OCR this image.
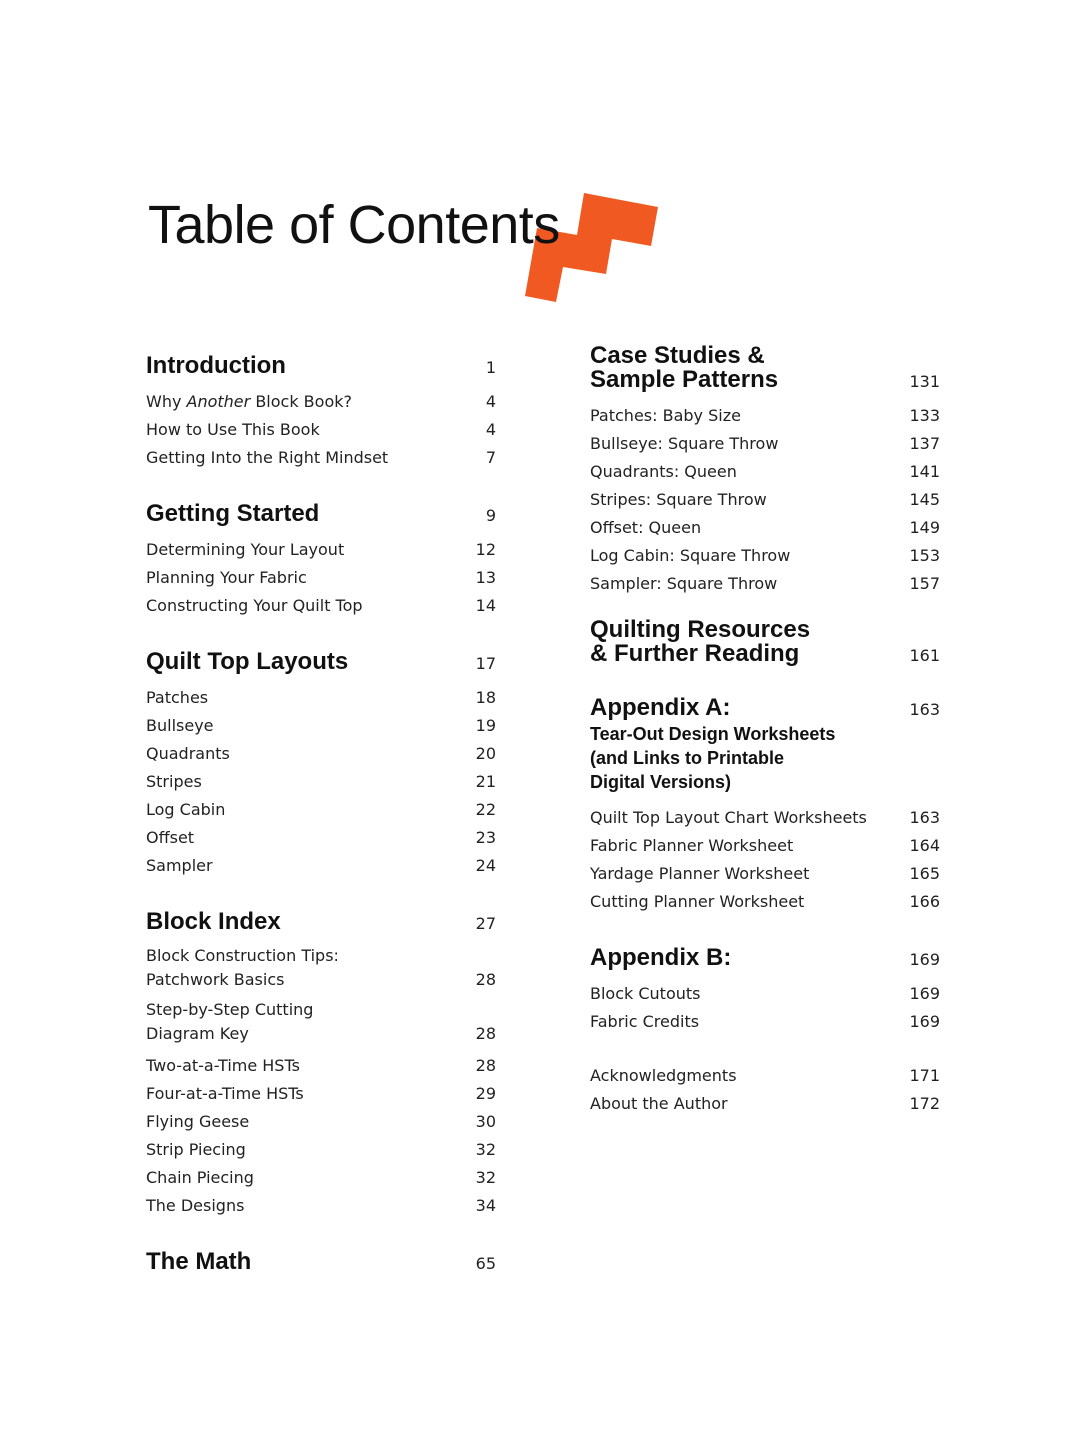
Table of Contents
Introduction	1
Why Another Block Book?	4
How to Use This Book	4
Getting Into the Right Mindset	7
Getting Started	9
Determining Your Layout	12
Planning Your Fabric	13
Constructing Your Quilt Top	14
Quilt Top Layouts	17
Patches	18
Bullseye	19
Quadrants	20
Stripes	21
Log Cabin	22
Offset	23
Sampler	24
Block Index	27
Block Construction Tips:
Patchwork Basics	28
Step-by-Step Cutting
Diagram Key	28
Two-at-a-Time HSTs	28
Four-at-a-Time HSTs	29
Flying Geese	30
Strip Piecing	32
Chain Piecing	32
The Designs	34
The Math	65
Case Studies &
Sample Patterns	131
Patches: Baby Size	133
Bullseye: Square Throw	137
Quadrants: Queen	141
Stripes: Square Throw	145
Offset: Queen	149
Log Cabin: Square Throw	153
Sampler: Square Throw	157
Quilting Resources
& Further Reading	161
Appendix A:	163
Tear-Out Design Worksheets
(and Links to Printable
Digital Versions)
Quilt Top Layout Chart Worksheets	163
Fabric Planner Worksheet	164
Yardage Planner Worksheet	165
Cutting Planner Worksheet	166
Appendix B:	169
Block Cutouts	169
Fabric Credits	169
Acknowledgments	171
About the Author	172
